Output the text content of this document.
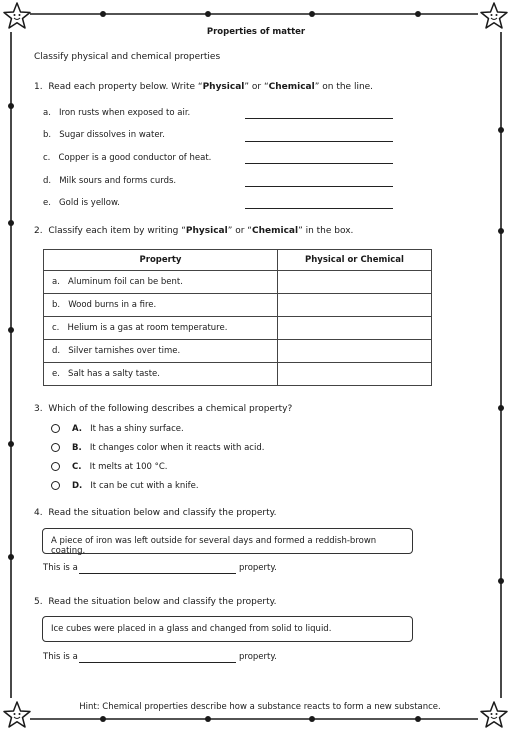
Properties of matter
Classify physical and chemical properties
1. Read each property below. Write “Physical” or “Chemical” on the line.
a. Iron rusts when exposed to air.
b. Sugar dissolves in water.
c. Copper is a good conductor of heat.
d. Milk sours and forms curds.
e. Gold is yellow.
2. Classify each item by writing “Physical” or “Chemical” in the box.
Property	Physical or Chemical
a. Aluminum foil can be bent.	
b. Wood burns in a fire.	
c. Helium is a gas at room temperature.	
d. Silver tarnishes over time.	
e. Salt has a salty taste.	
3. Which of the following describes a chemical property?
A. It has a shiny surface.
B. It changes color when it reacts with acid.
C. It melts at 100 °C.
D. It can be cut with a knife.
4. Read the situation below and classify the property.
A piece of iron was left outside for several days and formed a reddish-brown coating.
This is a	property.
5. Read the situation below and classify the property.
Ice cubes were placed in a glass and changed from solid to liquid.
This is a	property.
Hint: Chemical properties describe how a substance reacts to form a new substance.
